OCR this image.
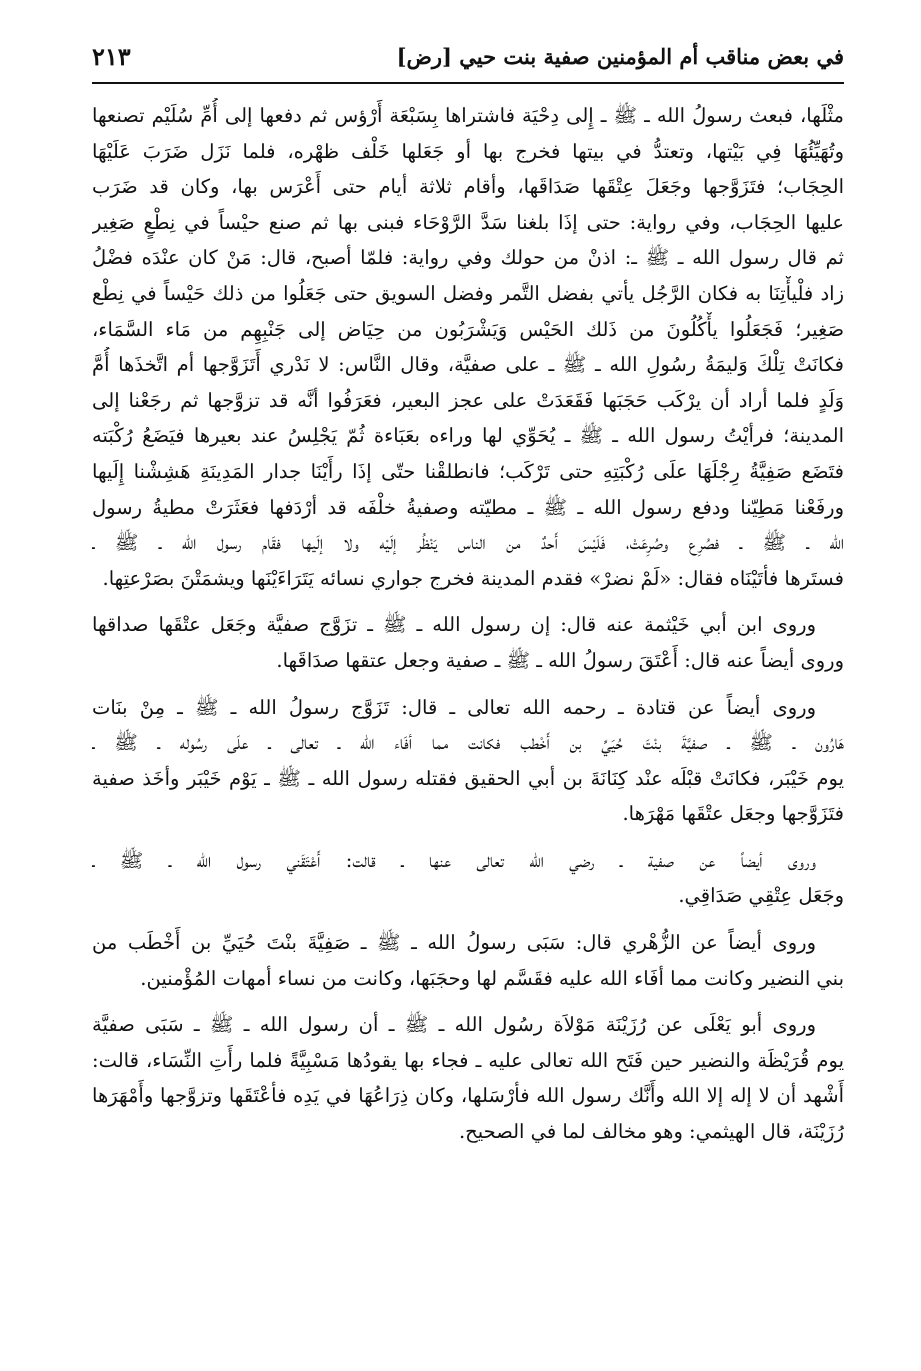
في بعض مناقب أم المؤمنين صفية بنت حيي [رض]
٢١٣
مثْلَها، فبعث رسولُ الله ـ ﷺ ـ إِلى دِحْيَة فاشتراها بِسَبْعَة أَرْؤس ثم دفعها إلى أُمِّ سُلَيْم تصنعها
وتُهَيِّئُهَا فِي بَيْتها، وتعتدُّ في بيتها فخرج بها أو جَعَلها خَلْف ظهْره، فلما نَزَل ضَرَبَ عَلَيْهَا
الحِجَاب؛ فتَزَوَّجها وجَعَلَ عِتْقَها صَدَاقَها، وأقام ثلاثة أيام حتى أَعْرَس بها، وكان قد ضَرَب
عليها الحِجَاب، وفي رواية: حتى إذَا بلغنا سَدَّ الرَّوْحَاء فبنى بها ثم صنع حيْساً في نِطْعٍ صَغِير
ثم قال رسول الله ـ ﷺ ـ: اذنْ من حولك وفي رواية: فلمّا أصبح، قال: مَنْ كان عنْدَه فضْلُ
زاد فلْيأْتِنَا به فكان الرَّجُل يأتي بفضل التَّمر وفضل السويق حتى جَعَلُوا من ذلك حَيْساً في نِطْع
صَغِير؛ فَجَعَلُوا يأْكُلُونَ من ذَلك الحَيْس وَيَشْرَبُون من حِيَاض إلى جَنْبِهِم من مَاء السَّمَاء،
فكانَتْ تِلْكَ وَليمَةُ رسُولِ الله ـ ﷺ ـ على صفيَّة، وقال النَّاس: لا نَدْري أَتَزَوَّجها أم اتَّخذَها أُمَّ
وَلَدٍ فلما أراد أن يرْكَب حَجَبَها فَقَعَدَتْ على عجز البعير، فعَرَفُوا أنَّه قد تزوَّجها ثم رجَعْنا إلى
المدينة؛ فرأيْتُ رسول الله ـ ﷺ ـ يُحَوِّي لها وراءه بعَبَاءة ثُمّ يَجْلِسُ عند بعيرها فيَضَعُ رُكْبَته
فتَضَع صَفِيَّةُ رِجْلَهَا علَى رُكْبَتِهِ حتى تَرْكَب؛ فانطلقْنا حتّى إذَا رأَيْنَا جدار المَدِينَةِ هَشِشْنا إِلَيها
ورفَعْنا مَطِيّنا ودفع رسول الله ـ ﷺ ـ مطيّته وصفيةُ خلْفَه قد أرْدَفها فعَثَرَتْ مطيةُ رسول
الله ـ ﷺ ـ فصُرِع وصُرِعَتْ، فَلَيْسَ أَحدٌ من الناس يَنْظُر إلَيْه ولا إلَيها فقَام رسول الله ـ ﷺ ـ
فستَرها فأتَيْنَاه فقال: «لَمْ نضرْ» فقدم المدينة فخرج جواري نسائه يَتَرَاءَيْنَها ويشمَتْنَ بصَرْعتِها.
وروى ابن أبي خَيْثمة عنه قال: إن رسول الله ـ ﷺ ـ تزَوَّج صفيَّة وجَعَل عتْقَها صداقها
وروى أيضاً عنه قال: أَعْتَقَ رسولُ الله ـ ﷺ ـ صفية وجعل عتقها صدَاقَها.
وروى أيضاً عن قتادة ـ رحمه الله تعالى ـ قال: تَزَوَّج رسولُ الله ـ ﷺ ـ مِنْ بنَات
هَارُون ـ ﷺ ـ صفيَّةَ بنْتَ حُيَيِّ بن أَخْطب فكانت مما أفَاء الله ـ تعالى ـ علَى رسُوله ـ ﷺ ـ
يوم خَيْبَر، فكانَتْ قبْلَه عنْد كِنَانَةَ بن أبي الحقيق فقتله رسول الله ـ ﷺ ـ يَوْم خَيْبَر وأخَذ صفية
فتَزَوَّجها وجعَل عتْقَها مَهْرَها.
وروى أيضاً عن صفية ـ رضي الله تعالى عنها ـ قالت: أَعْتَقَني رسول الله ـ ﷺ ـ
وجَعَل عِتْقِي صَدَاقِي.
وروى أيضاً عن الزُّهْري قال: سَبَى رسولُ الله ـ ﷺ ـ صَفِيَّةَ بنْتَ حُيَيِّ بن أَخْطَب من
بني النضير وكانت مما أفَاء الله عليه فقَسَّم لها وحجَبَها، وكانت من نساء أمهات المُؤْمنين.
وروى أبو يَعْلَى عن رُزَيْنَة مَوْلاَة رسُول الله ـ ﷺ ـ أن رسول الله ـ ﷺ ـ سَبَى صفيَّة
يوم قُرَيْظَة والنضير حين فَتَح الله تعالى عليه ـ فجاء بها يقودُها مَسْبِيَّةً فلما رأَتِ النِّسَاء، قالت:
أَشْهد أن لا إله إلا الله وأَنَّك رسول الله فأرْسَلها، وكان ذِرَاعُهَا في يَدِه فأعْتَقَها وتزوَّجها وأَمْهَرَها
رُزَيْنَة، قال الهيثمي: وهو مخالف لما في الصحيح.
